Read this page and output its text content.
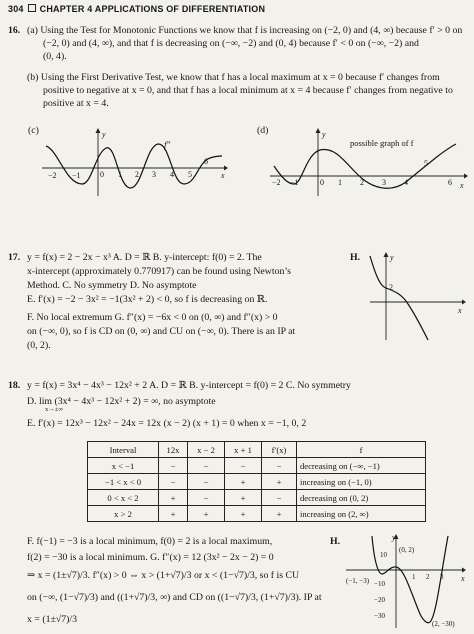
304 CHAPTER 4 APPLICATIONS OF DIFFERENTIATION
16. (a) Using the Test for Monotonic Functions we know that f is increasing on (−2, 0) and (4, ∞) because f′ > 0 on
(−2, 0) and (4, ∞), and that f is decreasing on (−∞, −2) and (0, 4) because f′ < 0 on (−∞, −2) and
(0, 4).
(b) Using the First Derivative Test, we know that f has a local maximum at x = 0 because f′ changes from
positive to negative at x = 0, and that f has a local minimum at x = 4 because f′ changes from negative to
positive at x = 4.
(c)	(d)
y
x
f″
−2 −1 0 1 2 3 4 5
6
y
x
possible graph of f
−2 −1	0 1 2 3 4
5
6
17. y = f(x) = 2 − 2x − x³ A. D = ℝ B. y-intercept: f(0) = 2. The
x-intercept (approximately 0.770917) can be found using Newton’s
Method. C. No symmetry D. No asymptote
E. f′(x) = −2 − 3x² = −1(3x² + 2) < 0, so f is decreasing on ℝ.
F. No local extremum G. f″(x) = −6x < 0 on (0, ∞) and f″(x) > 0
on (−∞, 0), so f is CD on (0, ∞) and CU on (−∞, 0). There is an IP at
(0, 2).
H.	y
x
2
18. y = f(x) = 3x⁴ − 4x³ − 12x² + 2 A. D = ℝ B. y-intercept = f(0) = 2 C. No symmetry
D. lim (3x⁴ − 4x³ − 12x² + 2) = ∞, no asymptote
x→±∞
E. f′(x) = 12x³ − 12x² − 24x = 12x (x − 2) (x + 1) = 0 when x = −1, 0, 2
Interval	12x	x − 2	x + 1	f′(x)	f
x < −1	−	−	−	−	decreasing on (−∞, −1)
−1 < x < 0	−	−	+	+	increasing on (−1, 0)
0 < x < 2	+	−	+	−	decreasing on (0, 2)
x > 2	+	+	+	+	increasing on (2, ∞)
F. f(−1) = −3 is a local minimum, f(0) = 2 is a local maximum,
f(2) = −30 is a local minimum. G. f″(x) = 12 (3x² − 2x − 2) = 0
⇒ x = (1±√7)/3. f″(x) > 0 ⇔ x > (1+√7)/3 or x < (1−√7)/3, so f is CU
on (−∞, (1−√7)/3) and ((1+√7)/3, ∞) and CD on ((1−√7)/3, (1+√7)/3). IP at
x = (1±√7)/3
H.	y
x
10
−10
−20
−30
(0, 2)
(−1, −3)
(2, −30)
1 2 3
